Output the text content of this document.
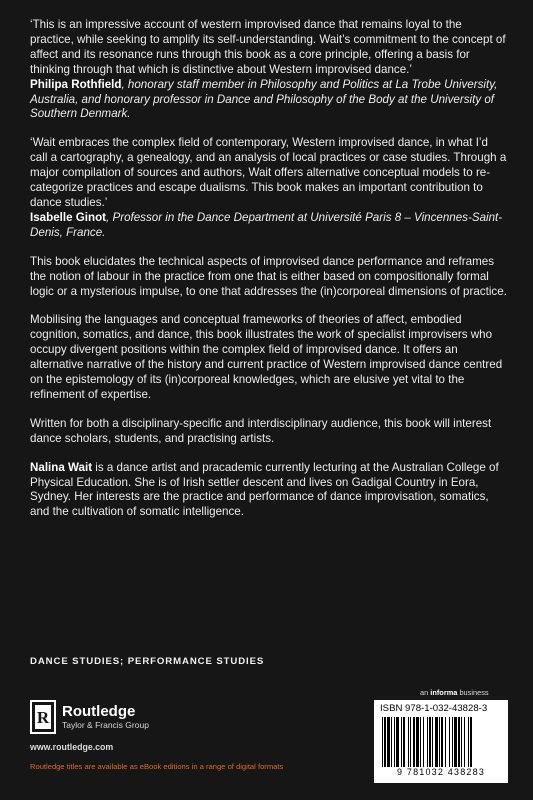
‘This is an impressive account of western improvised dance that remains loyal to the practice, while seeking to amplify its self-understanding. Wait’s commitment to the concept of affect and its resonance runs through this book as a core principle, offering a basis for thinking through that which is distinctive about Western improvised dance.’

Philipa Rothfield, honorary staff member in Philosophy and Politics at La Trobe University, Australia, and honorary professor in Dance and Philosophy of the Body at the University of Southern Denmark.

‘Wait embraces the complex field of contemporary, Western improvised dance, in what I’d call a cartography, a genealogy, and an analysis of local practices or case studies. Through a major compilation of sources and authors, Wait offers alternative conceptual models to re-categorize practices and escape dualisms. This book makes an important contribution to dance studies.’

Isabelle Ginot, Professor in the Dance Department at Université Paris 8 – Vincennes-Saint-Denis, France.

This book elucidates the technical aspects of improvised dance performance and reframes the notion of labour in the practice from one that is either based on compositionally formal logic or a mysterious impulse, to one that addresses the (in)corporeal dimensions of practice.

Mobilising the languages and conceptual frameworks of theories of affect, embodied cognition, somatics, and dance, this book illustrates the work of specialist improvisers who occupy divergent positions within the complex field of improvised dance. It offers an alternative narrative of the history and current practice of Western improvised dance centred on the epistemology of its (in)corporeal knowledges, which are elusive yet vital to the refinement of expertise.

Written for both a disciplinary-specific and interdisciplinary audience, this book will interest dance scholars, students, and practising artists.

Nalina Wait is a dance artist and pracademic currently lecturing at the Australian College of Physical Education. She is of Irish settler descent and lives on Gadigal Country in Eora, Sydney. Her interests are the practice and performance of dance improvisation, somatics, and the cultivation of somatic intelligence.

DANCE STUDIES; PERFORMANCE STUDIES
an informa business
R Routledge
Taylor & Francis Group
www.routledge.com
Routledge titles are available as eBook editions in a range of digital formats
ISBN 978-1-032-43828-3
9 781032 438283
